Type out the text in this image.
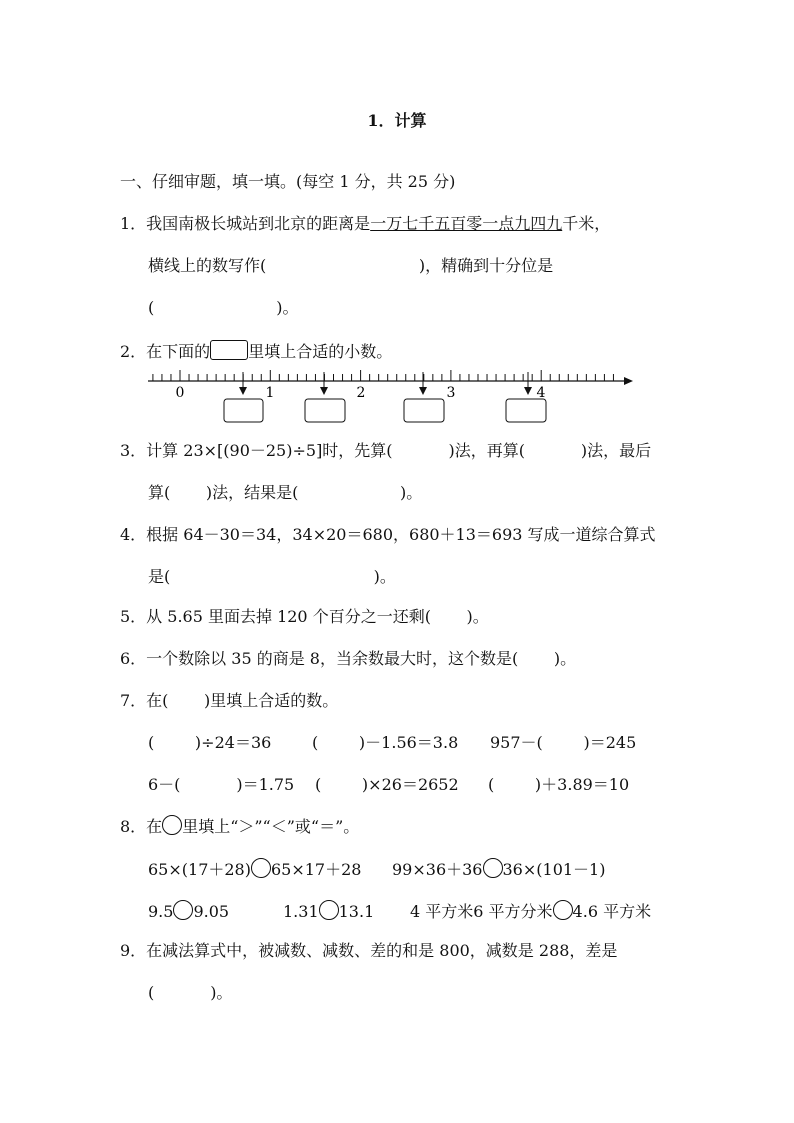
1．计算
一、仔细审题，填一填。(每空 1 分，共 25 分)
1．我国南极长城站到北京的距离是一万七千五百零一点九四九千米，
横线上的数写作(                              )，精确到十分位是
(                        )。
2．在下面的 里填上合适的小数。
0	1	2	3	4
3．计算 23×[(90－25)÷5]时，先算(           )法，再算(           )法，最后
算(       )法，结果是(                    )。
4．根据 64－30＝34，34×20＝680，680＋13＝693 写成一道综合算式
是(                                        )。
5．从 5.65 里面去掉 120 个百分之一还剩(       )。
6．一个数除以 35 的商是 8，当余数最大时，这个数是(       )。
7．在(       )里填上合适的数。
(        )÷24＝36	(        )－1.56＝3.8 957－(        )＝245
6－(           )＝1.75 (        )×26＝2652 (        )＋3.89＝10
8．在 里填上“＞”“＜”或“＝”。
65×(17＋28) 65×17＋28 99×36＋36 36×(101－1)
9.5 9.05	1.31 13.1 4 平方米6 平方分米 4.6 平方米
9．在减法算式中，被减数、减数、差的和是 800，减数是 288，差是
(           )。
